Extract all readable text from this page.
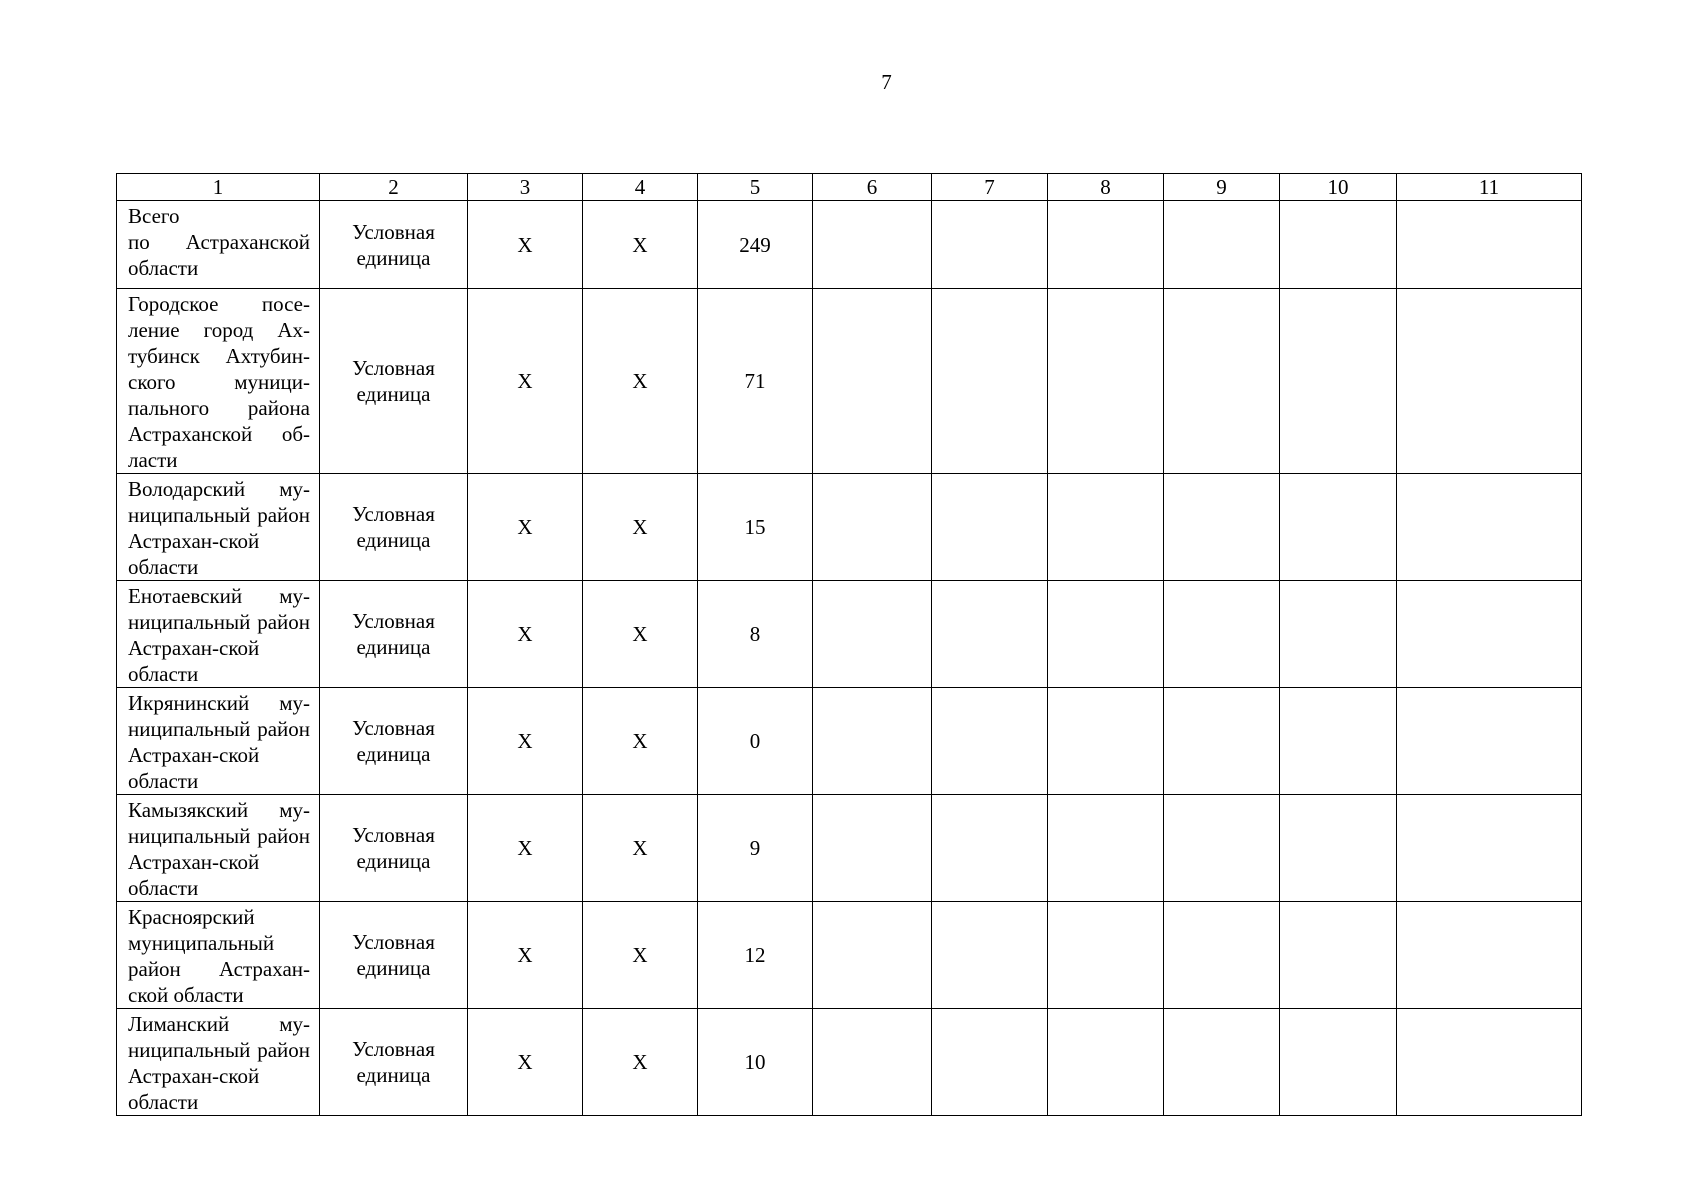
7
1	2	3	4	5	6	7	8	9	10	11
Всего
по Астраханской области	Условная единица	Х	Х	249						
Городское посе-ление город Ах-тубинск Ахтубин-ского муници-пального района Астраханской об-ласти	Условная единица	Х	Х	71						
Володарский му-ниципальный район Астрахан-ской области	Условная единица	Х	Х	15						
Енотаевский му-ниципальный район Астрахан-ской области	Условная единица	Х	Х	8						
Икрянинский му-ниципальный район Астрахан-ской области	Условная единица	Х	Х	0						
Камызякский му-ниципальный район Астрахан-ской области	Условная единица	Х	Х	9						
Красноярский муниципальный район Астрахан-ской области	Условная единица	Х	Х	12						
Лиманский му-ниципальный район Астрахан-ской области	Условная единица	Х	Х	10						
